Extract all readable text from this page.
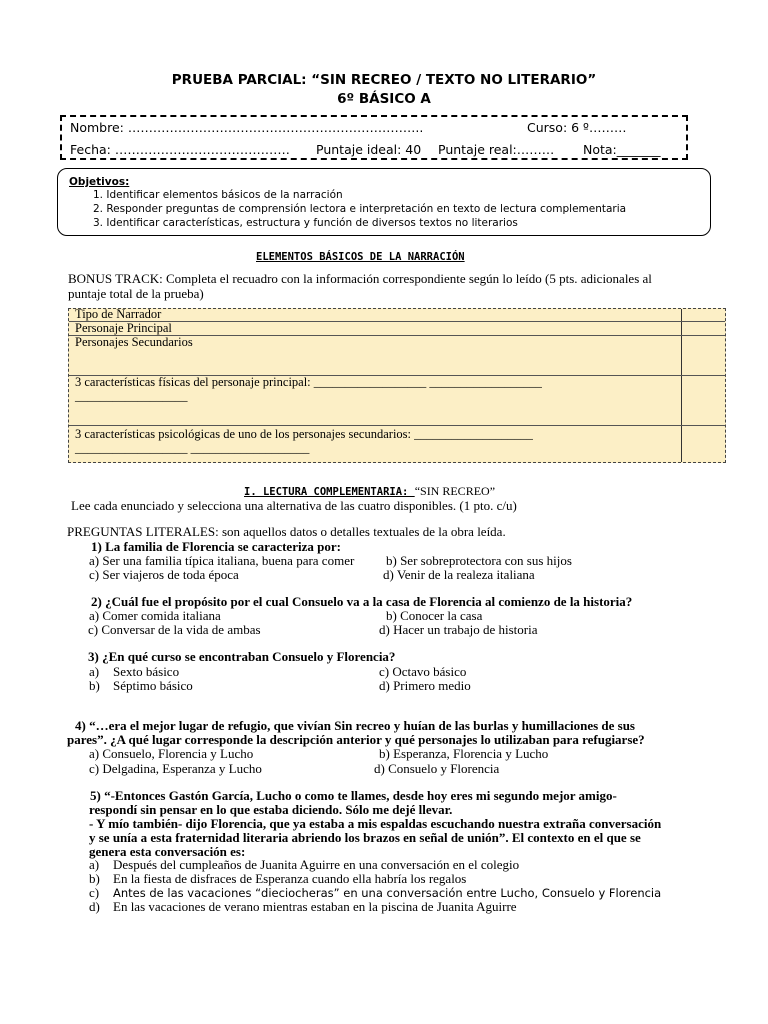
PRUEBA PARCIAL: “SIN RECREO / TEXTO NO LITERARIO”
6º BÁSICO A
Nombre: ……………………………………………………………..	Curso: 6 º………
Fecha: …………………………………… Puntaje ideal: 40 Puntaje real:……… Nota:_______
Objetivos:
1. Identificar elementos básicos de la narración
2. Responder preguntas de comprensión lectora e interpretación en texto de lectura complementaria
3. Identificar características, estructura y función de diversos textos no literarios
ELEMENTOS BÁSICOS DE LA NARRACIÓN
BONUS TRACK: Completa el recuadro con la información correspondiente según lo leído (5 pts. adicionales al
puntaje total de la prueba)
Tipo de Narrador
Personaje Principal
Personajes Secundarios
3 características físicas del personaje principal: __________________ __________________
__________________
3 características psicológicas de uno de los personajes secundarios: ___________________
__________________ ___________________
I. LECTURA COMPLEMENTARIA: “SIN RECREO”
Lee cada enunciado y selecciona una alternativa de las cuatro disponibles. (1 pto. c/u)
PREGUNTAS LITERALES: son aquellos datos o detalles textuales de la obra leída.
1) La familia de Florencia se caracteriza por:
a) Ser una familia típica italiana, buena para comer b) Ser sobreprotectora con sus hijos
c) Ser viajeros de toda época	d) Venir de la realeza italiana
2) ¿Cuál fue el propósito por el cual Consuelo va a la casa de Florencia al comienzo de la historia?
a) Comer comida italiana	b) Conocer la casa
c) Conversar de la vida de ambas	d) Hacer un trabajo de historia
3) ¿En qué curso se encontraban Consuelo y Florencia?
a) Sexto básico	c) Octavo básico
b) Séptimo básico	d) Primero medio
4) “…era el mejor lugar de refugio, que vivían Sin recreo y huían de las burlas y humillaciones de sus
pares”. ¿A qué lugar corresponde la descripción anterior y qué personajes lo utilizaban para refugiarse?
a) Consuelo, Florencia y Lucho	b) Esperanza, Florencia y Lucho
c) Delgadina, Esperanza y Lucho	d) Consuelo y Florencia
5) “-Entonces Gastón García, Lucho o como te llames, desde hoy eres mi segundo mejor amigo-
respondí sin pensar en lo que estaba diciendo. Sólo me dejé llevar.
- Y mío también- dijo Florencia, que ya estaba a mis espaldas escuchando nuestra extraña conversación
y se unía a esta fraternidad literaria abriendo los brazos en señal de unión”. El contexto en el que se
genera esta conversación es:
a) Después del cumpleaños de Juanita Aguirre en una conversación en el colegio
b) En la fiesta de disfraces de Esperanza cuando ella habría los regalos
c) Antes de las vacaciones “dieciocheras” en una conversación entre Lucho, Consuelo y Florencia
d) En las vacaciones de verano mientras estaban en la piscina de Juanita Aguirre
